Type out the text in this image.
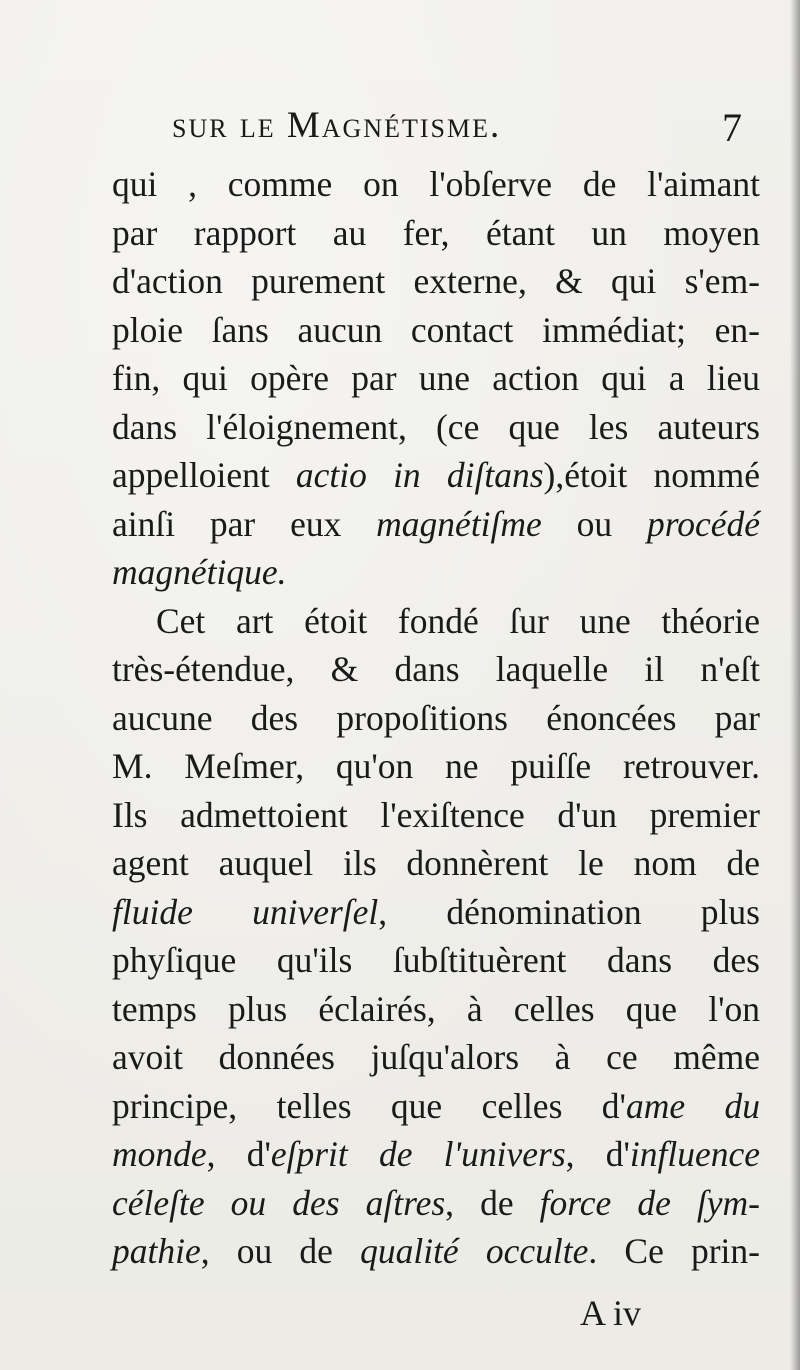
sur le Magnétisme.	7
qui , comme on l'obſerve de l'aimant
par rapport au fer, étant un moyen
d'action purement externe, & qui s'em-
ploie ſans aucun contact immédiat; en-
fin, qui opère par une action qui a lieu
dans l'éloignement, (ce que les auteurs
appelloient actio in diſtans),étoit nommé
ainſi par eux magnétiſme ou procédé
magnétique.
Cet art étoit fondé ſur une théorie
très-étendue, & dans laquelle il n'eſt
aucune des propoſitions énoncées par
M. Meſmer, qu'on ne puiſſe retrouver.
Ils admettoient l'exiſtence d'un premier
agent auquel ils donnèrent le nom de
fluide univerſel, dénomination plus
phyſique qu'ils ſubſtituèrent dans des
temps plus éclairés, à celles que l'on
avoit données juſqu'alors à ce même
principe, telles que celles d'ame du
monde, d'eſprit de l'univers, d'influence
céleſte ou des aſtres, de force de ſym-
pathie, ou de qualité occulte. Ce prin-
A iv
